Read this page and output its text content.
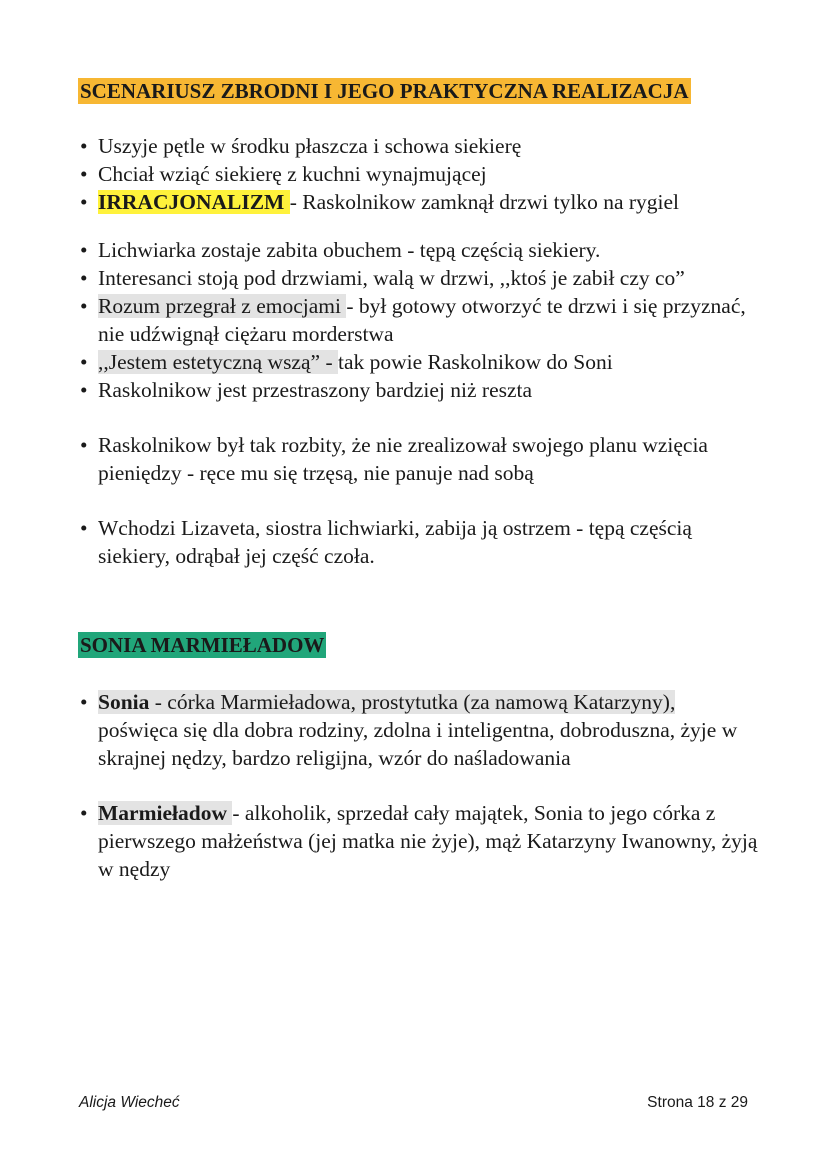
SCENARIUSZ ZBRODNI I JEGO PRAKTYCZNA REALIZACJA
• Uszyje pętle w środku płaszcza i schowa siekierę
• Chciał wziąć siekierę z kuchni wynajmującej
• IRRACJONALIZM - Raskolnikow zamknął drzwi tylko na rygiel
• Lichwiarka zostaje zabita obuchem - tępą częścią siekiery.
• Interesanci stoją pod drzwiami, walą w drzwi, ,,ktoś je zabił czy co”
• Rozum przegrał z emocjami - był gotowy otworzyć te drzwi i się przyznać, nie udźwignął ciężaru morderstwa
• ,,Jestem estetyczną wszą” - tak powie Raskolnikow do Soni
• Raskolnikow jest przestraszony bardziej niż reszta
• Raskolnikow był tak rozbity, że nie zrealizował swojego planu wzięcia pieniędzy - ręce mu się trzęsą, nie panuje nad sobą
• Wchodzi Lizaveta, siostra lichwiarki, zabija ją ostrzem - tępą częścią siekiery, odrąbał jej część czoła.
SONIA MARMIEŁADOW
• Sonia - córka Marmieładowa, prostytutka (za namową Katarzyny), poświęca się dla dobra rodziny, zdolna i inteligentna, dobroduszna, żyje w skrajnej nędzy, bardzo religijna, wzór do naśladowania
• Marmieładow - alkoholik, sprzedał cały majątek, Sonia to jego córka z pierwszego małżeństwa (jej matka nie żyje), mąż Katarzyny Iwanowny, żyją w nędzy
Alicja Wiecheć	Strona 18 z 29
